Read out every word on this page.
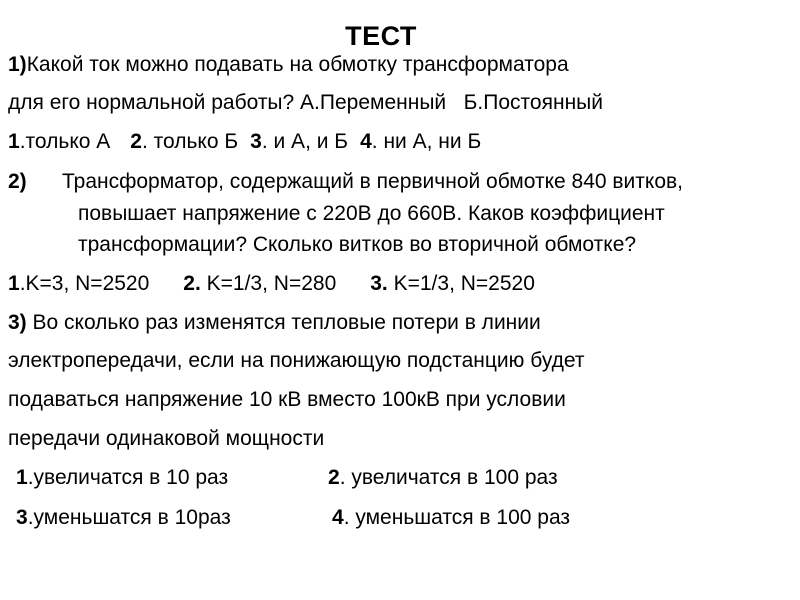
ТЕСТ
1)Какой ток можно подавать на обмотку трансформатора
для его нормальной работы? А.Переменный   Б.Постоянный
1.только А 2. только Б 3. и А, и Б 4. ни А, ни Б
2) Трансформатор, содержащий в первичной обмотке 840 витков,
повышает напряжение с 220В до 660В. Каков коэффициент
трансформации? Сколько витков во вторичной обмотке?
1.K=3, N=2520 2. K=1/3, N=280 3. K=1/3, N=2520
3) Во сколько раз изменятся тепловые потери в линии
электропередачи, если на понижающую подстанцию будет
подаваться напряжение 10 кВ вместо 100кВ при условии
передачи одинаковой мощности
1.увеличатся в 10 раз	2. увеличатся в 100 раз
3.уменьшатся в 10раз	4. уменьшатся в 100 раз
